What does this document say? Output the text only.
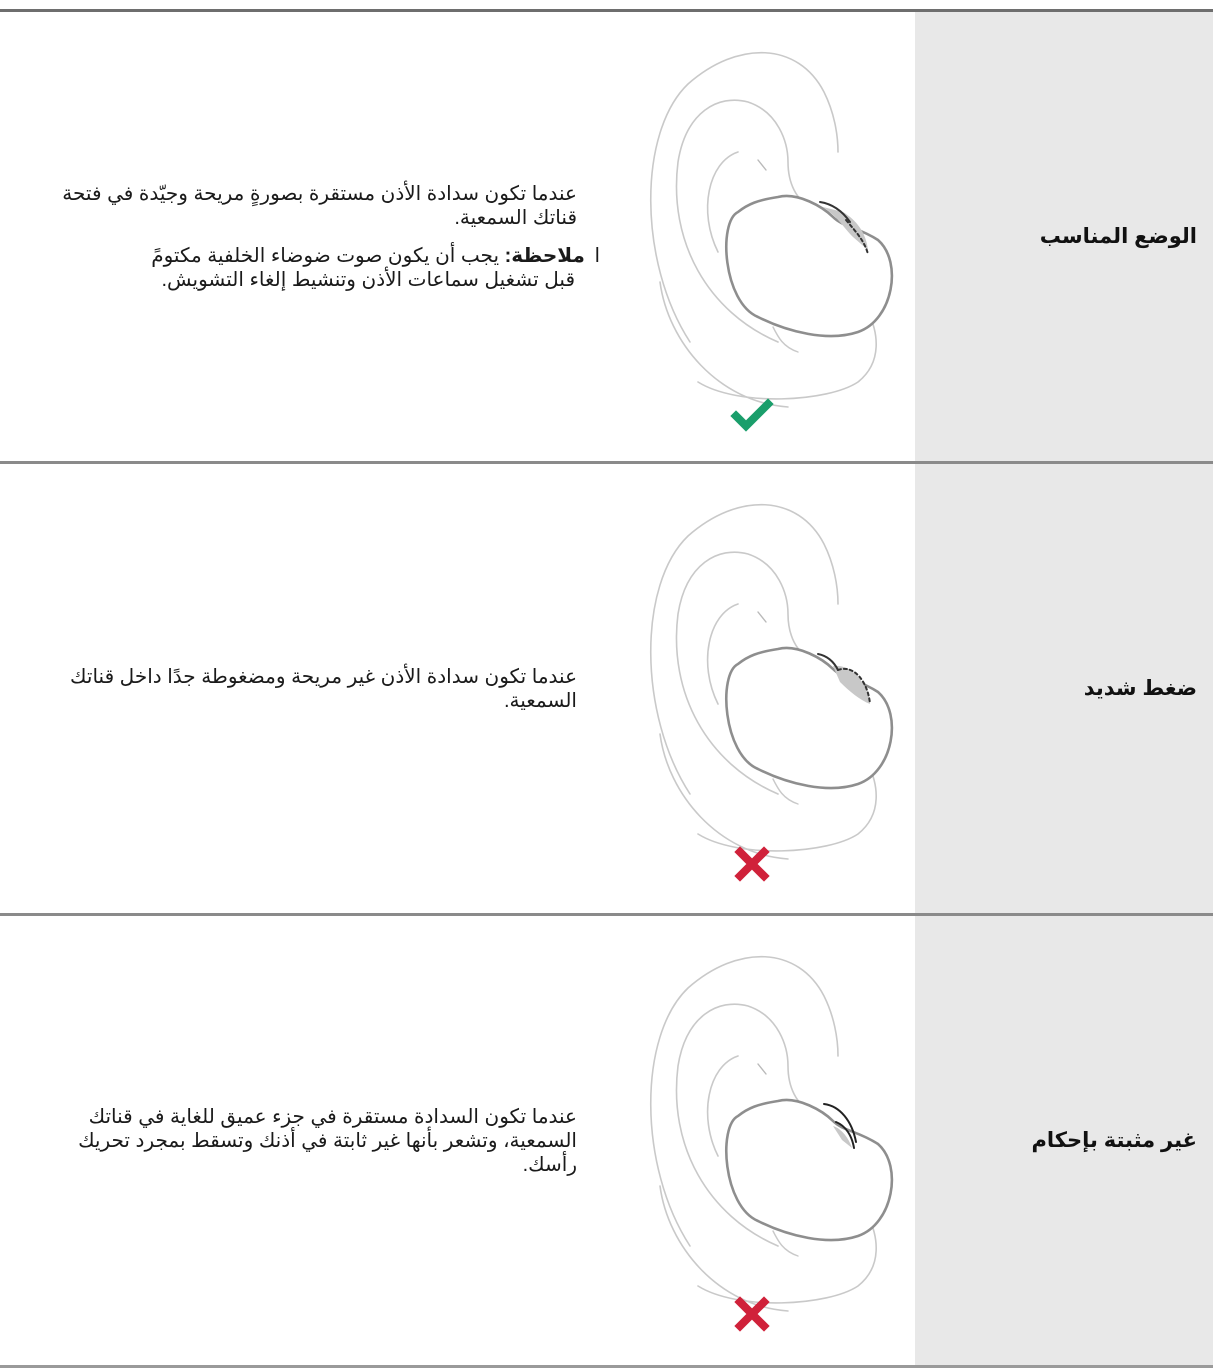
عندما تكون سدادة الأذن مستقرة بصورةٍ مريحة وجيّدة في فتحة قناتك السمعية.

ا ملاحظة: يجب أن يكون صوت ضوضاء الخلفية مكتومً
قبل تشغيل سماعات الأذن وتنشيط إلغاء التشويش.

الوضع المناسب

عندما تكون سدادة الأذن غير مريحة ومضغوطة جدًا داخل قناتك السمعية.

ضغط شديد

عندما تكون السدادة مستقرة في جزء عميق للغاية في قناتك السمعية، وتشعر بأنها غير ثابتة في أذنك وتسقط بمجرد تحريك رأسك.

غير مثبتة بإحكام
